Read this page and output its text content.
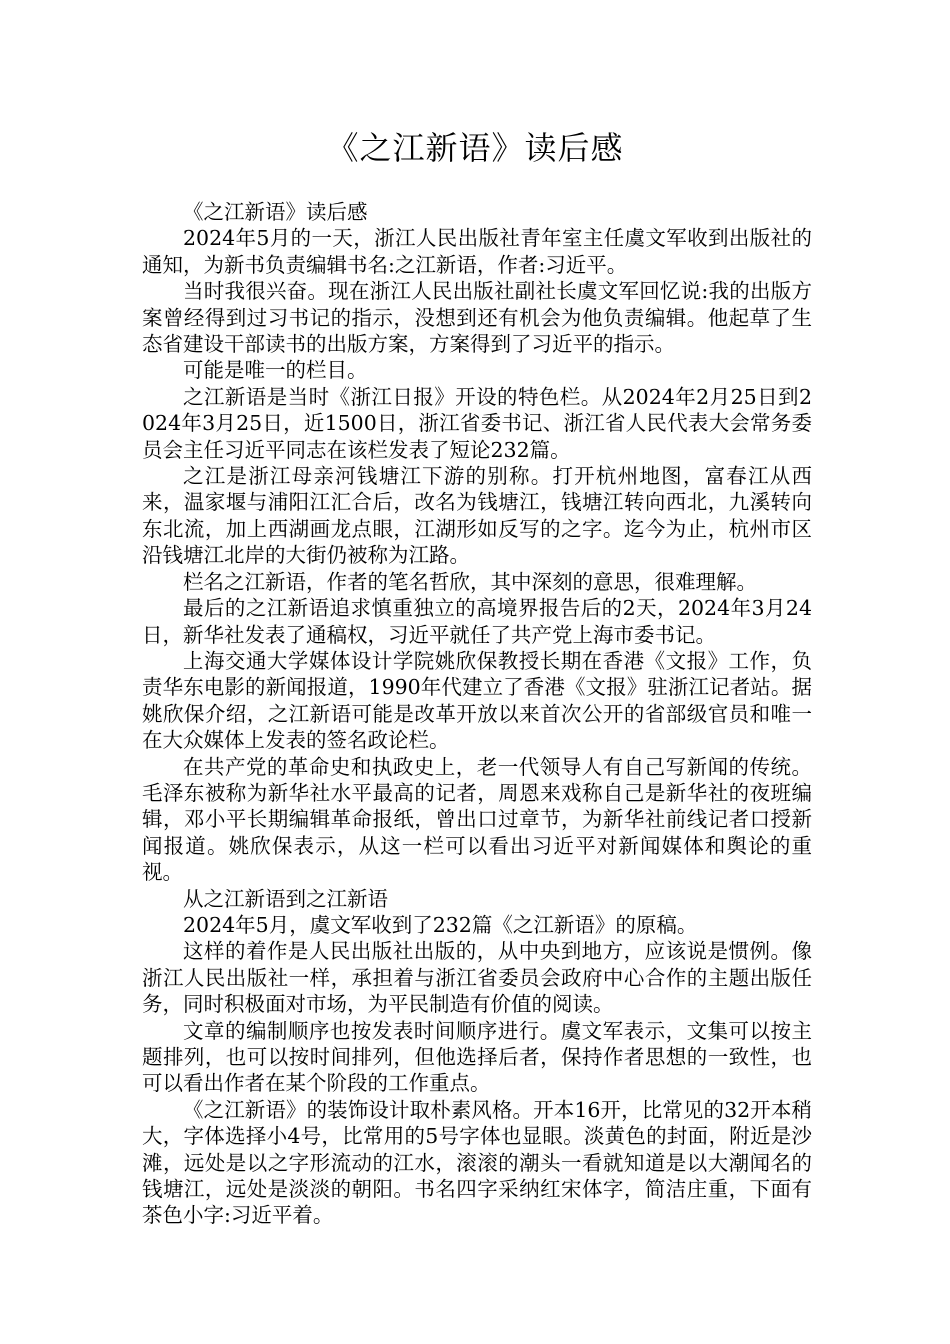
《之江新语》读后感

《之江新语》读后感

2024年5月的一天，浙江人民出版社青年室主任虞文军收到出版社的通知，为新书负责编辑书名:之江新语，作者:习近平。

当时我很兴奋。现在浙江人民出版社副社长虞文军回忆说:我的出版方案曾经得到过习书记的指示，没想到还有机会为他负责编辑。他起草了生态省建设干部读书的出版方案，方案得到了习近平的指示。

可能是唯一的栏目。

之江新语是当时《浙江日报》开设的特色栏。从2024年2月25日到2024年3月25日，近1500日，浙江省委书记、浙江省人民代表大会常务委员会主任习近平同志在该栏发表了短论232篇。

之江是浙江母亲河钱塘江下游的别称。打开杭州地图，富春江从西来，温家堰与浦阳江汇合后，改名为钱塘江，钱塘江转向西北，九溪转向东北流，加上西湖画龙点眼，江湖形如反写的之字。迄今为止，杭州市区沿钱塘江北岸的大街仍被称为江路。

栏名之江新语，作者的笔名哲欣，其中深刻的意思，很难理解。

最后的之江新语追求慎重独立的高境界报告后的2天，2024年3月24日，新华社发表了通稿权，习近平就任了共产党上海市委书记。

上海交通大学媒体设计学院姚欣保教授长期在香港《文报》工作，负责华东电影的新闻报道，1990年代建立了香港《文报》驻浙江记者站。据姚欣保介绍，之江新语可能是改革开放以来首次公开的省部级官员和唯一在大众媒体上发表的签名政论栏。

在共产党的革命史和执政史上，老一代领导人有自己写新闻的传统。毛泽东被称为新华社水平最高的记者，周恩来戏称自己是新华社的夜班编辑，邓小平长期编辑革命报纸，曾出口过章节，为新华社前线记者口授新闻报道。姚欣保表示，从这一栏可以看出习近平对新闻媒体和舆论的重视。

从之江新语到之江新语

2024年5月，虞文军收到了232篇《之江新语》的原稿。

这样的着作是人民出版社出版的，从中央到地方，应该说是惯例。像浙江人民出版社一样，承担着与浙江省委员会政府中心合作的主题出版任务，同时积极面对市场，为平民制造有价值的阅读。

文章的编制顺序也按发表时间顺序进行。虞文军表示，文集可以按主题排列，也可以按时间排列，但他选择后者，保持作者思想的一致性，也可以看出作者在某个阶段的工作重点。

《之江新语》的装饰设计取朴素风格。开本16开，比常见的32开本稍大，字体选择小4号，比常用的5号字体也显眼。淡黄色的封面，附近是沙滩，远处是以之字形流动的江水，滚滚的潮头一看就知道是以大潮闻名的钱塘江，远处是淡淡的朝阳。书名四字采纳红宋体字，简洁庄重，下面有茶色小字:习近平着。
